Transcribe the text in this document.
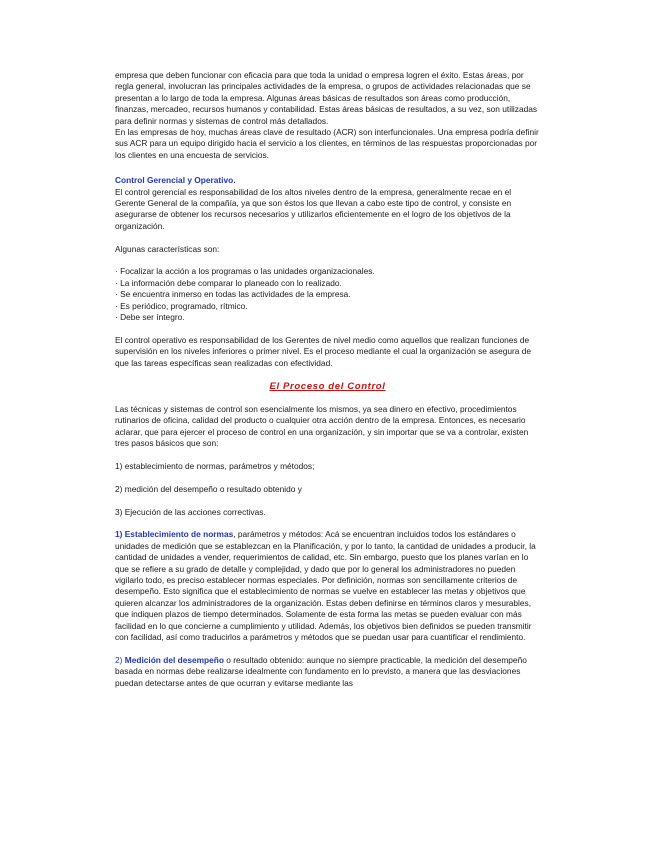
empresa que deben funcionar con eficacia para que toda la unidad o empresa logren el éxito. Estas áreas, por regla general, involucran las principales actividades de la empresa, o grupos de actividades relacionadas que se presentan a lo largo de toda la empresa. Algunas áreas básicas de resultados son áreas como producción, finanzas, mercadeo, recursos humanos y contabilidad. Estas áreas básicas de resultados, a su vez, son utilizadas para definir normas y sistemas de control más detallados.

En las empresas de hoy, muchas áreas clave de resultado (ACR) son interfuncionales. Una empresa podría definir sus ACR para un equipo dirigido hacia el servicio a los clientes, en términos de las respuestas proporcionadas por los clientes en una encuesta de servicios.

Control Gerencial y Operativo.

El control gerencial es responsabilidad de los altos niveles dentro de la empresa, generalmente recae en el Gerente General de la compañía, ya que son éstos los que llevan a cabo este tipo de control, y consiste en asegurarse de obtener los recursos necesarios y utilizarlos eficientemente en el logro de los objetivos de la organización.

Algunas características son:

· Focalizar la acción a los programas o las unidades organizacionales.
· La información debe comparar lo planeado con lo realizado.
· Se encuentra inmerso en todas las actividades de la empresa.
· Es periódico, programado, rítmico.
· Debe ser íntegro.

El control operativo es responsabilidad de los Gerentes de nivel medio como aquellos que realizan funciones de supervisión en los niveles inferiores o primer nivel. Es el proceso mediante el cual la organización se asegura de que las tareas específicas sean realizadas con efectividad.

El Proceso del Control

Las técnicas y sistemas de control son esencialmente los mismos, ya sea dinero en efectivo, procedimientos rutinarios de oficina, calidad del producto o cualquier otra acción dentro de la empresa. Entonces, es necesario aclarar, que para ejercer el proceso de control en una organización, y sin importar que se va a controlar, existen tres pasos básicos que son:

1) establecimiento de normas, parámetros y métodos;

2) medición del desempeño o resultado obtenido y

3) Ejecución de las acciones correctivas.

1) Establecimiento de normas, parámetros y métodos: Acá se encuentran incluidos todos los estándares o unidades de medición que se establezcan en la Planificación, y por lo tanto, la cantidad de unidades a producir, la cantidad de unidades a vender, requerimientos de calidad, etc. Sin embargo, puesto que los planes varían en lo que se refiere a su grado de detalle y complejidad, y dado que por lo general los administradores no pueden vigilarlo todo, es preciso establecer normas especiales. Por definición, normas son sencillamente criterios de desempeño. Esto significa que el establecimiento de normas se vuelve en establecer las metas y objetivos que quieren alcanzar los administradores de la organización. Estas deben definirse en términos claros y mesurables, que indiquen plazos de tiempo determinados. Solamente de esta forma las metas se pueden evaluar con más facilidad en lo que concierne a cumplimiento y utilidad. Además, los objetivos bien definidos se pueden transmitir con facilidad, así como traducirlos a parámetros y métodos que se puedan usar para cuantificar el rendimiento.

2) Medición del desempeño o resultado obtenido: aunque no siempre practicable, la medición del desempeño basada en normas debe realizarse idealmente con fundamento en lo previsto, a manera que las desviaciones puedan detectarse antes de que ocurran y evitarse mediante las
